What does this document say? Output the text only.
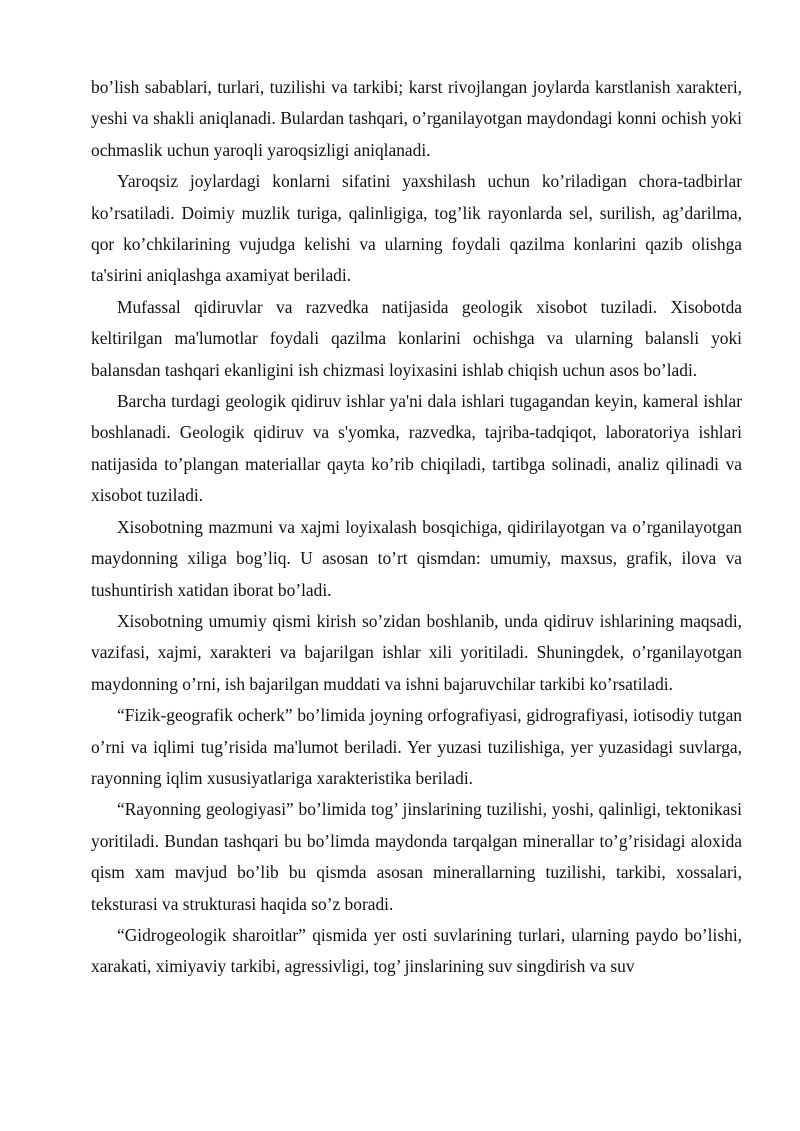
bo’lish sabablari, turlari, tuzilishi va tarkibi; karst rivojlangan joylarda karstlanish xarakteri, yeshi va shakli aniqlanadi. Bulardan tashqari, o’rganilayotgan maydondagi konni ochish yoki ochmaslik uchun yaroqli yaroqsizligi aniqlanadi.

Yaroqsiz joylardagi konlarni sifatini yaxshilash uchun ko’riladigan chora-tadbirlar ko’rsatiladi. Doimiy muzlik turiga, qalinligiga, tog’lik rayonlarda sel, surilish, ag’darilma, qor ko’chkilarining vujudga kelishi va ularning foydali qazilma konlarini qazib olishga ta'sirini aniqlashga axamiyat beriladi.

Mufassal qidiruvlar va razvedka natijasida geologik xisobot tuziladi. Xisobotda keltirilgan ma'lumotlar foydali qazilma konlarini ochishga va ularning balansli yoki balansdan tashqari ekanligini ish chizmasi loyixasini ishlab chiqish uchun asos bo’ladi.

Barcha turdagi geologik qidiruv ishlar ya'ni dala ishlari tugagandan keyin, kameral ishlar boshlanadi. Geologik qidiruv va s'yomka, razvedka, tajriba-tadqiqot, laboratoriya ishlari natijasida to’plangan materiallar qayta ko’rib chiqiladi, tartibga solinadi, analiz qilinadi va xisobot tuziladi.

Xisobotning mazmuni va xajmi loyixalash bosqichiga, qidirilayotgan va o’rganilayotgan maydonning xiliga bog’liq. U asosan to’rt qismdan: umumiy, maxsus, grafik, ilova va tushuntirish xatidan iborat bo’ladi.

Xisobotning umumiy qismi kirish so’zidan boshlanib, unda qidiruv ishlarining maqsadi, vazifasi, xajmi, xarakteri va bajarilgan ishlar xili yoritiladi. Shuningdek, o’rganilayotgan maydonning o’rni, ish bajarilgan muddati va ishni bajaruvchilar tarkibi ko’rsatiladi.

“Fizik-geografik ocherk” bo’limida joyning orfografiyasi, gidrografiyasi, iotisodiy tutgan o’rni va iqlimi tug’risida ma'lumot beriladi. Yer yuzasi tuzilishiga, yer yuzasidagi suvlarga, rayonning iqlim xususiyatlariga xarakteristika beriladi.

“Rayonning geologiyasi” bo’limida tog’ jinslarining tuzilishi, yoshi, qalinligi, tektonikasi yoritiladi. Bundan tashqari bu bo’limda maydonda tarqalgan minerallar to’g’risidagi aloxida qism xam mavjud bo’lib bu qismda asosan minerallarning tuzilishi, tarkibi, xossalari, teksturasi va strukturasi haqida so’z boradi.

“Gidrogeologik sharoitlar” qismida yer osti suvlarining turlari, ularning paydo bo’lishi, xarakati, ximiyaviy tarkibi, agressivligi, tog’ jinslarining suv singdirish va suv
